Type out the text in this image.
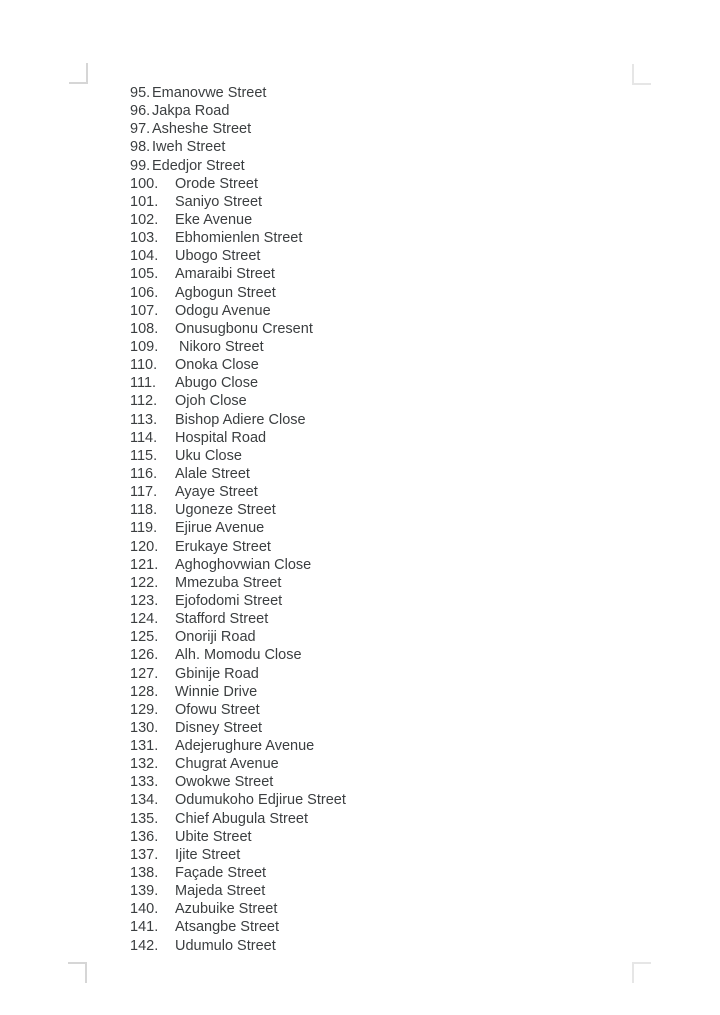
95. Emanovwe Street
96. Jakpa Road
97. Asheshe Street
98. Iweh Street
99. Ededjor Street
100.	Orode Street
101.	Saniyo Street
102.	Eke Avenue
103.	Ebhomienlen Street
104.	Ubogo Street
105.	Amaraibi Street
106.	Agbogun Street
107.	Odogu Avenue
108.	Onusugbonu Cresent
109.	Nikoro Street
110.	Onoka Close
111.	Abugo Close
112.	Ojoh Close
113.	Bishop Adiere Close
114.	Hospital Road
115.	Uku Close
116.	Alale Street
117.	Ayaye Street
118.	Ugoneze Street
119.	Ejirue Avenue
120.	Erukaye Street
121.	Aghoghovwian Close
122.	Mmezuba Street
123.	Ejofodomi Street
124.	Stafford Street
125.	Onoriji Road
126.	Alh. Momodu Close
127.	Gbinije Road
128.	Winnie Drive
129.	Ofowu Street
130.	Disney Street
131.	Adejerughure Avenue
132.	Chugrat Avenue
133.	Owokwe Street
134.	Odumukoho Edjirue Street
135.	Chief Abugula Street
136.	Ubite Street
137.	Ijite Street
138.	Façade Street
139.	Majeda Street
140.	Azubuike Street
141.	Atsangbe Street
142.	Udumulo Street
